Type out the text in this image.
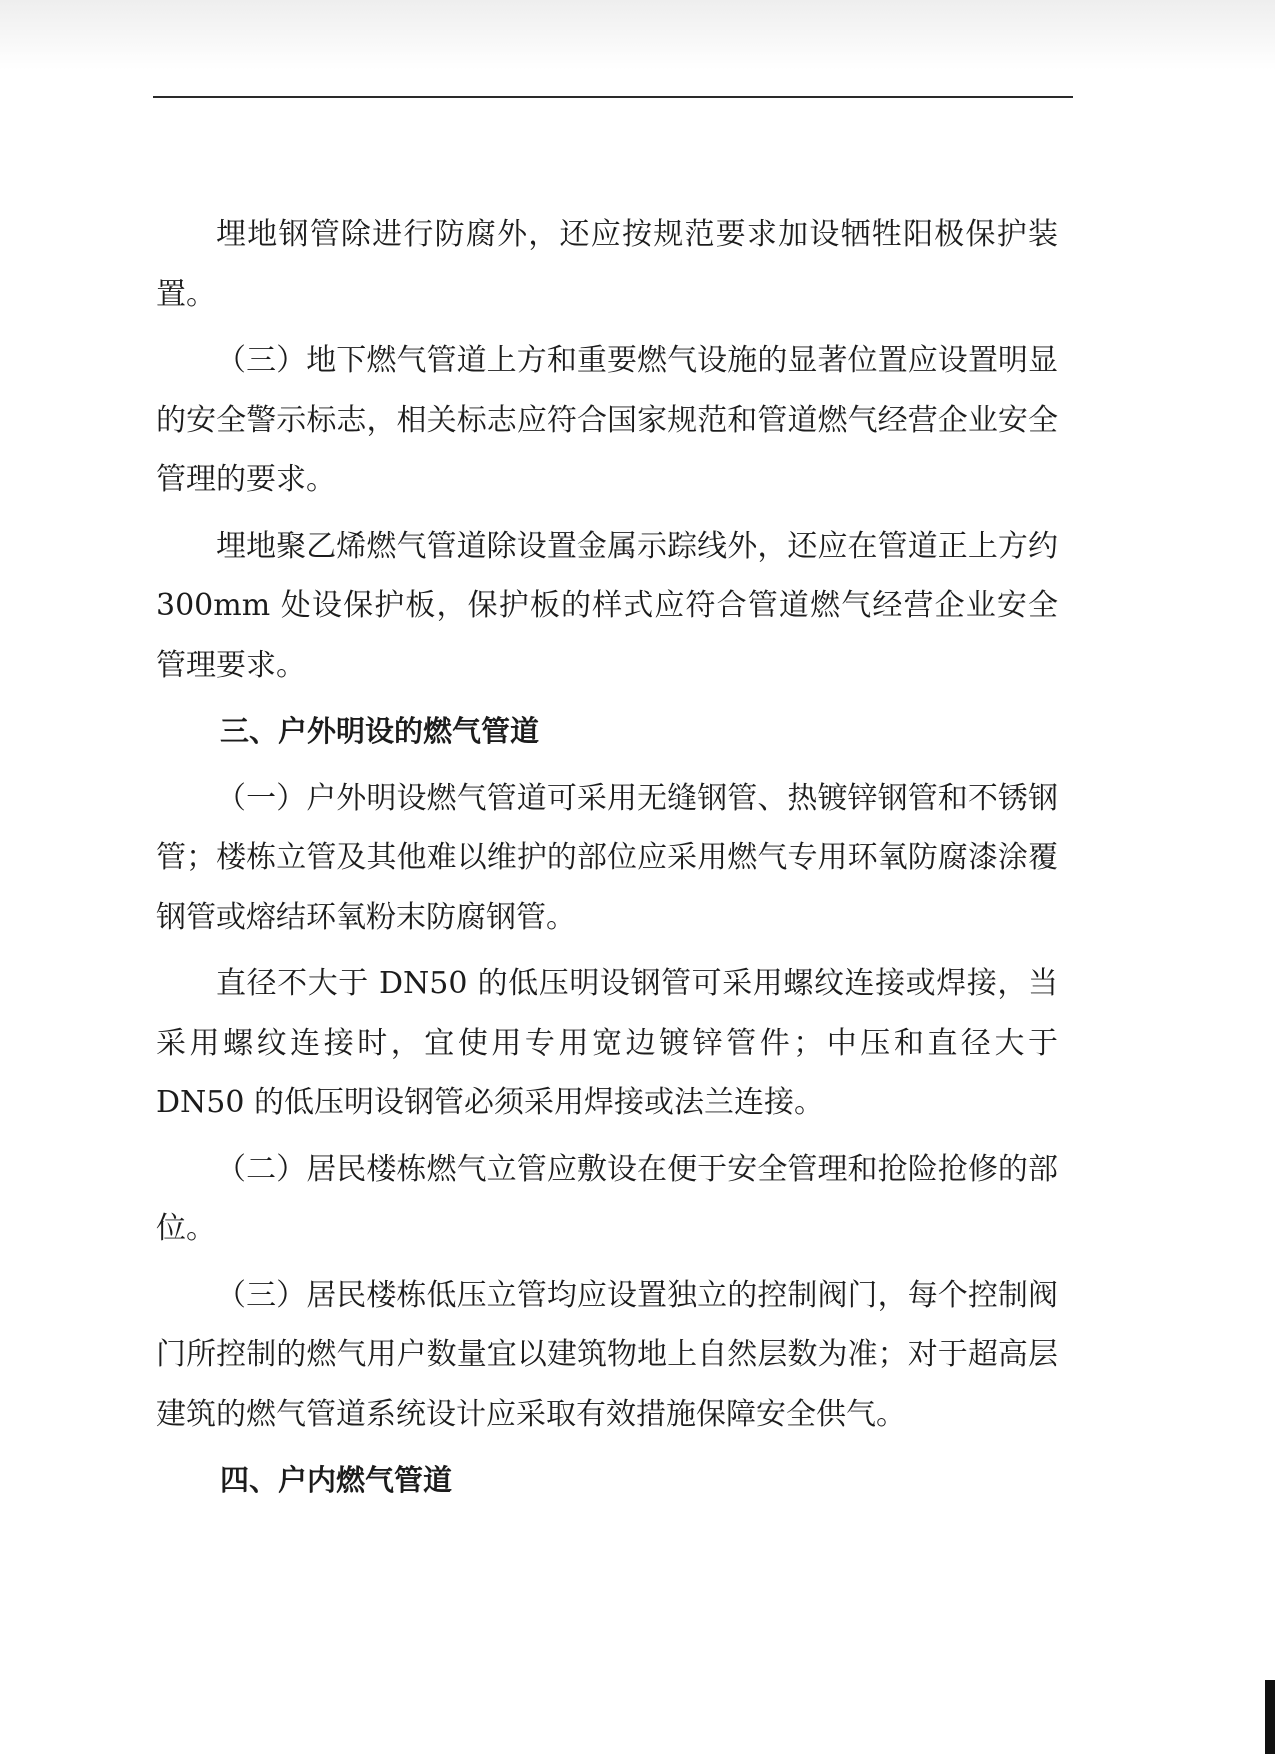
埋地钢管除进行防腐外，还应按规范要求加设牺牲阳极保护装置。

（三）地下燃气管道上方和重要燃气设施的显著位置应设置明显的安全警示标志，相关标志应符合国家规范和管道燃气经营企业安全管理的要求。

埋地聚乙烯燃气管道除设置金属示踪线外，还应在管道正上方约 300mm 处设保护板，保护板的样式应符合管道燃气经营企业安全管理要求。

三、户外明设的燃气管道

（一）户外明设燃气管道可采用无缝钢管、热镀锌钢管和不锈钢管；楼栋立管及其他难以维护的部位应采用燃气专用环氧防腐漆涂覆钢管或熔结环氧粉末防腐钢管。

直径不大于 DN50 的低压明设钢管可采用螺纹连接或焊接，当采用螺纹连接时，宜使用专用宽边镀锌管件；中压和直径大于 DN50 的低压明设钢管必须采用焊接或法兰连接。

（二）居民楼栋燃气立管应敷设在便于安全管理和抢险抢修的部位。

（三）居民楼栋低压立管均应设置独立的控制阀门，每个控制阀门所控制的燃气用户数量宜以建筑物地上自然层数为准；对于超高层建筑的燃气管道系统设计应采取有效措施保障安全供气。

四、户内燃气管道
